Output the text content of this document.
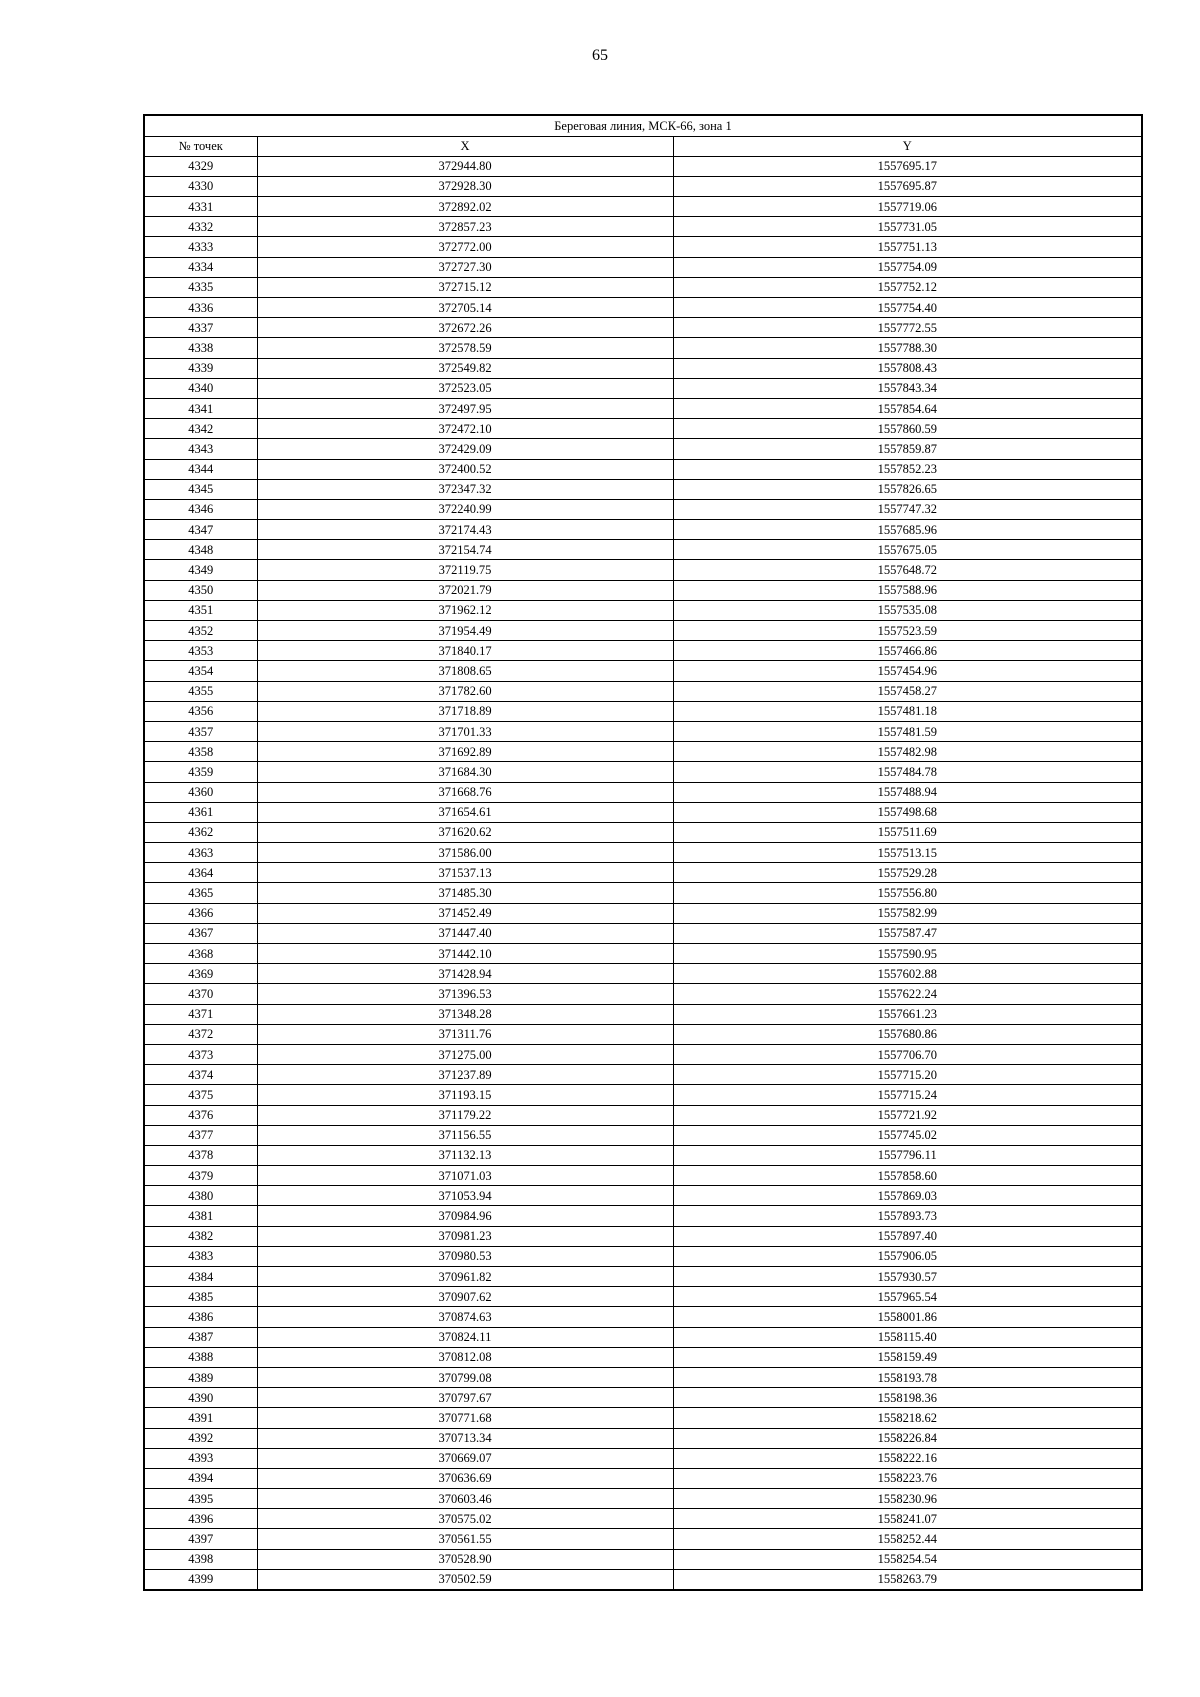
65
Береговая линия, МСК-66, зона 1		
№ точек	X	Y
4329	372944.80	1557695.17
4330	372928.30	1557695.87
4331	372892.02	1557719.06
4332	372857.23	1557731.05
4333	372772.00	1557751.13
4334	372727.30	1557754.09
4335	372715.12	1557752.12
4336	372705.14	1557754.40
4337	372672.26	1557772.55
4338	372578.59	1557788.30
4339	372549.82	1557808.43
4340	372523.05	1557843.34
4341	372497.95	1557854.64
4342	372472.10	1557860.59
4343	372429.09	1557859.87
4344	372400.52	1557852.23
4345	372347.32	1557826.65
4346	372240.99	1557747.32
4347	372174.43	1557685.96
4348	372154.74	1557675.05
4349	372119.75	1557648.72
4350	372021.79	1557588.96
4351	371962.12	1557535.08
4352	371954.49	1557523.59
4353	371840.17	1557466.86
4354	371808.65	1557454.96
4355	371782.60	1557458.27
4356	371718.89	1557481.18
4357	371701.33	1557481.59
4358	371692.89	1557482.98
4359	371684.30	1557484.78
4360	371668.76	1557488.94
4361	371654.61	1557498.68
4362	371620.62	1557511.69
4363	371586.00	1557513.15
4364	371537.13	1557529.28
4365	371485.30	1557556.80
4366	371452.49	1557582.99
4367	371447.40	1557587.47
4368	371442.10	1557590.95
4369	371428.94	1557602.88
4370	371396.53	1557622.24
4371	371348.28	1557661.23
4372	371311.76	1557680.86
4373	371275.00	1557706.70
4374	371237.89	1557715.20
4375	371193.15	1557715.24
4376	371179.22	1557721.92
4377	371156.55	1557745.02
4378	371132.13	1557796.11
4379	371071.03	1557858.60
4380	371053.94	1557869.03
4381	370984.96	1557893.73
4382	370981.23	1557897.40
4383	370980.53	1557906.05
4384	370961.82	1557930.57
4385	370907.62	1557965.54
4386	370874.63	1558001.86
4387	370824.11	1558115.40
4388	370812.08	1558159.49
4389	370799.08	1558193.78
4390	370797.67	1558198.36
4391	370771.68	1558218.62
4392	370713.34	1558226.84
4393	370669.07	1558222.16
4394	370636.69	1558223.76
4395	370603.46	1558230.96
4396	370575.02	1558241.07
4397	370561.55	1558252.44
4398	370528.90	1558254.54
4399	370502.59	1558263.79
